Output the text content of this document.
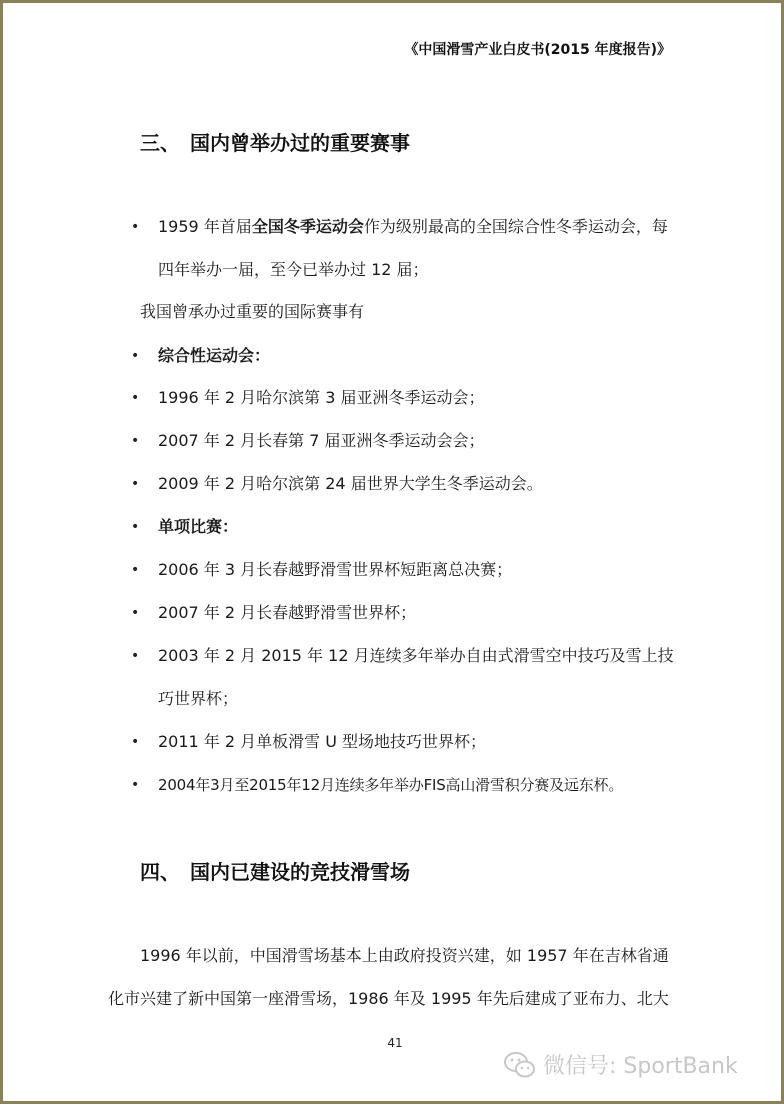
《中国滑雪产业白皮书(2015 年度报告)》
三、 国内曾举办过的重要赛事
• 1959 年首届全国冬季运动会作为级别最高的全国综合性冬季运动会，每
四年举办一届，至今已举办过 12 届；
我国曾承办过重要的国际赛事有
• 综合性运动会：
• 1996 年 2 月哈尔滨第 3 届亚洲冬季运动会；
• 2007 年 2 月长春第 7 届亚洲冬季运动会会；
• 2009 年 2 月哈尔滨第 24 届世界大学生冬季运动会。
• 单项比赛：
• 2006 年 3 月长春越野滑雪世界杯短距离总决赛；
• 2007 年 2 月长春越野滑雪世界杯；
• 2003 年 2 月 2015 年 12 月连续多年举办自由式滑雪空中技巧及雪上技
巧世界杯；
• 2011 年 2 月单板滑雪 U 型场地技巧世界杯；
• 2004年3月至2015年12月连续多年举办FIS高山滑雪积分赛及远东杯。
四、 国内已建设的竞技滑雪场
1996 年以前，中国滑雪场基本上由政府投资兴建，如 1957 年在吉林省通
化市兴建了新中国第一座滑雪场，1986 年及 1995 年先后建成了亚布力、北大
41
微信号: SportBank
